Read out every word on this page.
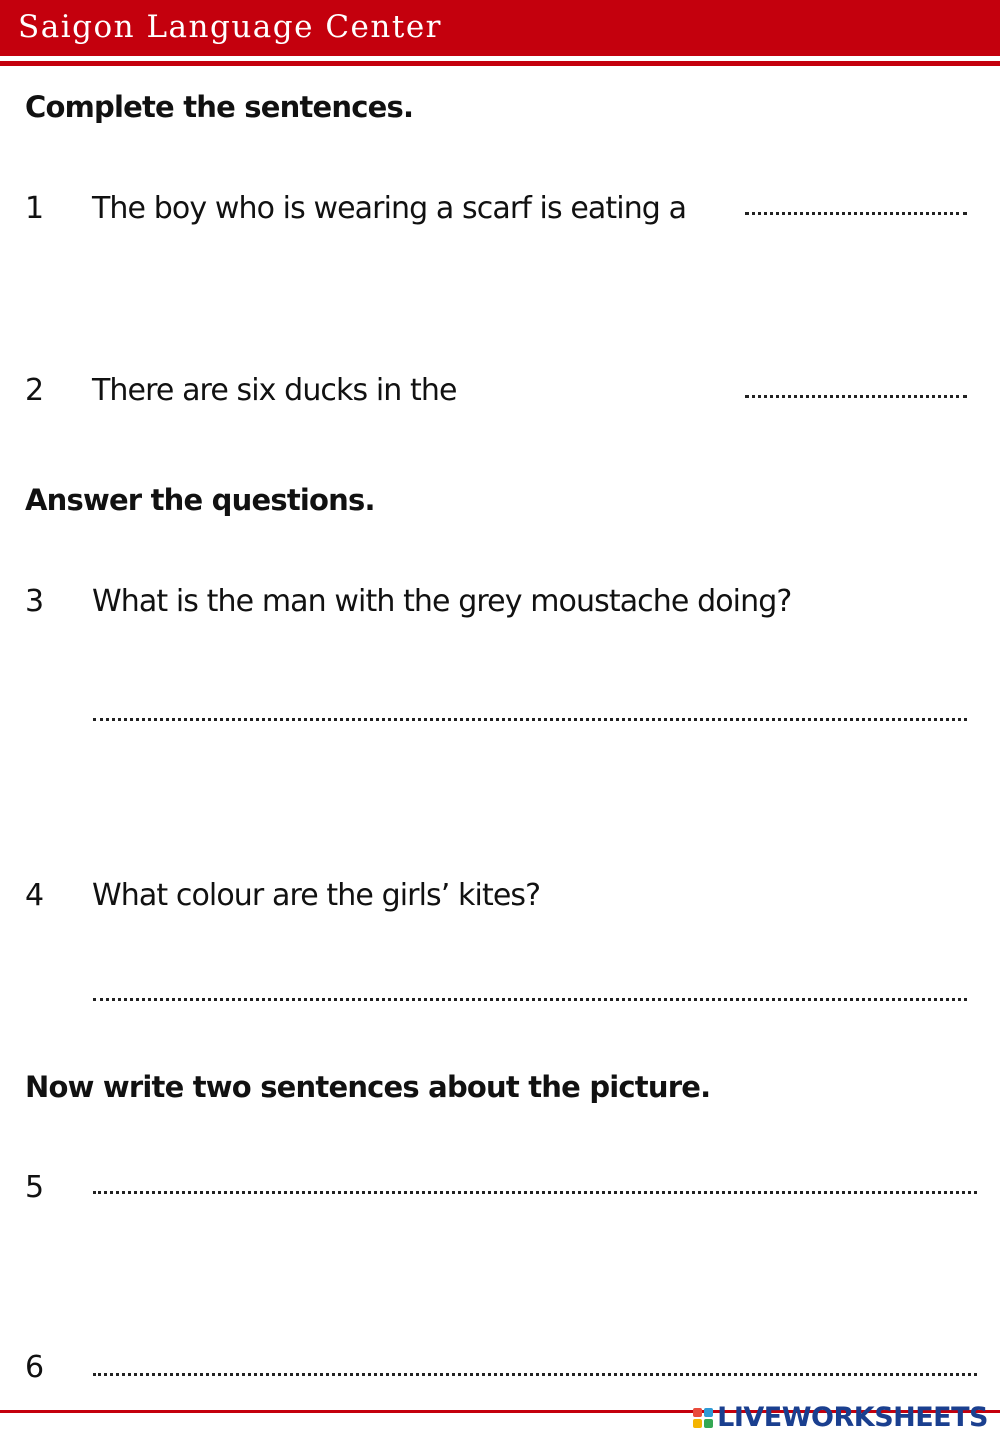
Saigon Language Center
Complete the sentences.
1 The boy who is wearing a scarf is eating a
2 There are six ducks in the
Answer the questions.
3 What is the man with the grey moustache doing?
4 What colour are the girls’ kites?
Now write two sentences about the picture.
5
6
LIVEWORKSHEETS
